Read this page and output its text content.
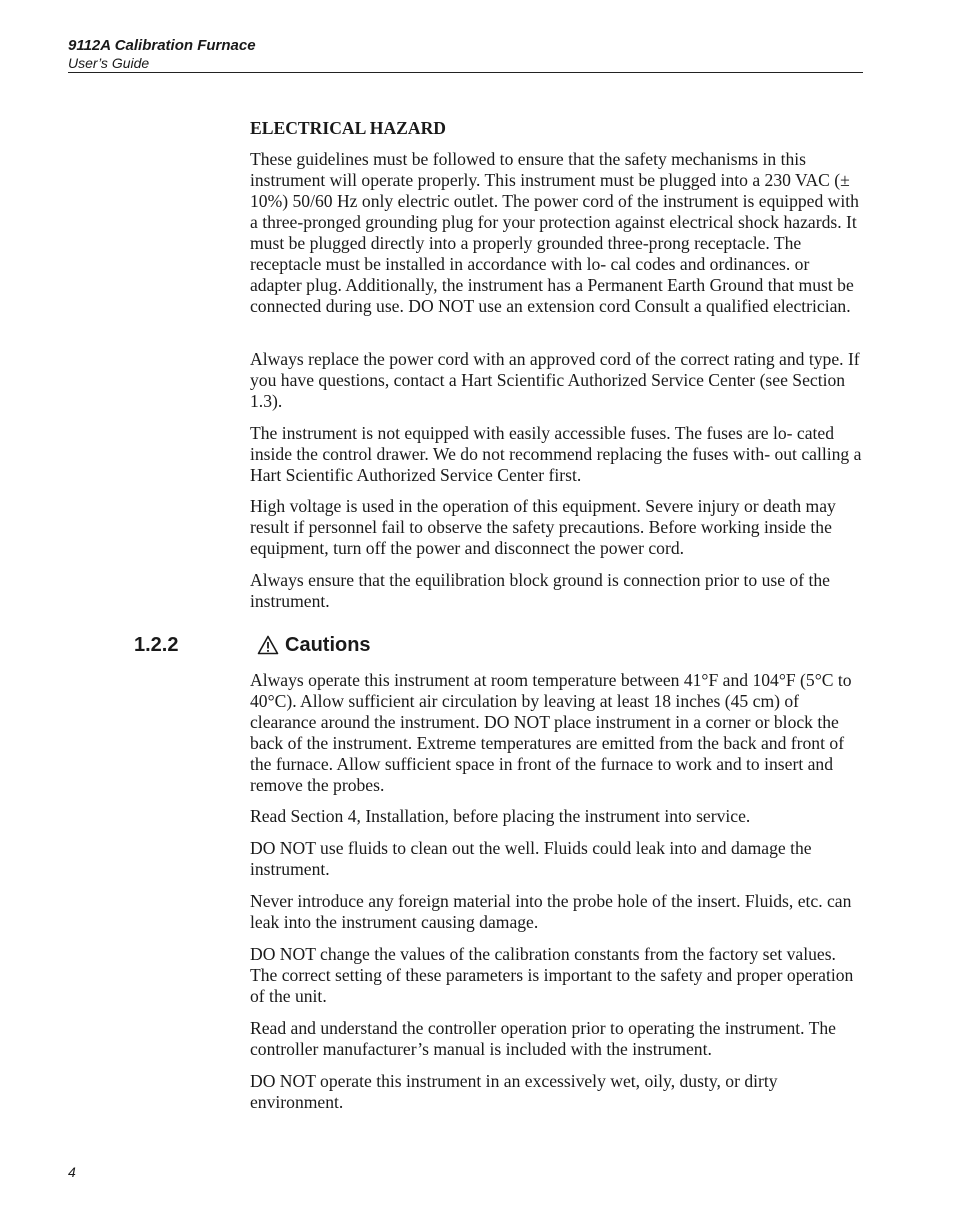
9112A Calibration Furnace
User’s Guide
ELECTRICAL HAZARD

These guidelines must be followed to ensure that the safety mechanisms in this instrument will operate properly. This instrument must be plugged into a 230 VAC (± 10%) 50/60 Hz only electric outlet. The power cord of the instrument is equipped with a three-pronged grounding plug for your protection against electrical shock hazards. It must be plugged directly into a properly grounded three-prong receptacle. The receptacle must be installed in accordance with lo- cal codes and ordinances. or adapter plug. Additionally, the instrument has a Permanent Earth Ground that must be connected during use. DO NOT use an extension cord Consult a qualified electrician.

Always replace the power cord with an approved cord of the correct rating and type. If you have questions, contact a Hart Scientific Authorized Service Center (see Section 1.3).

The instrument is not equipped with easily accessible fuses. The fuses are lo- cated inside the control drawer. We do not recommend replacing the fuses with- out calling a Hart Scientific Authorized Service Center first.

High voltage is used in the operation of this equipment. Severe injury or death may result if personnel fail to observe the safety precautions. Before working inside the equipment, turn off the power and disconnect the power cord.

Always ensure that the equilibration block ground is connection prior to use of the instrument.

1.2.2	Cautions

Always operate this instrument at room temperature between 41°F and 104°F (5°C to 40°C). Allow sufficient air circulation by leaving at least 18 inches (45 cm) of clearance around the instrument. DO NOT place instrument in a corner or block the back of the instrument. Extreme temperatures are emitted from the back and front of the furnace. Allow sufficient space in front of the furnace to work and to insert and remove the probes.

Read Section 4, Installation, before placing the instrument into service.

DO NOT use fluids to clean out the well. Fluids could leak into and damage the instrument.

Never introduce any foreign material into the probe hole of the insert. Fluids, etc. can leak into the instrument causing damage.

DO NOT change the values of the calibration constants from the factory set values. The correct setting of these parameters is important to the safety and proper operation of the unit.

Read and understand the controller operation prior to operating the instrument. The controller manufacturer’s manual is included with the instrument.

DO NOT operate this instrument in an excessively wet, oily, dusty, or dirty environment.

4
